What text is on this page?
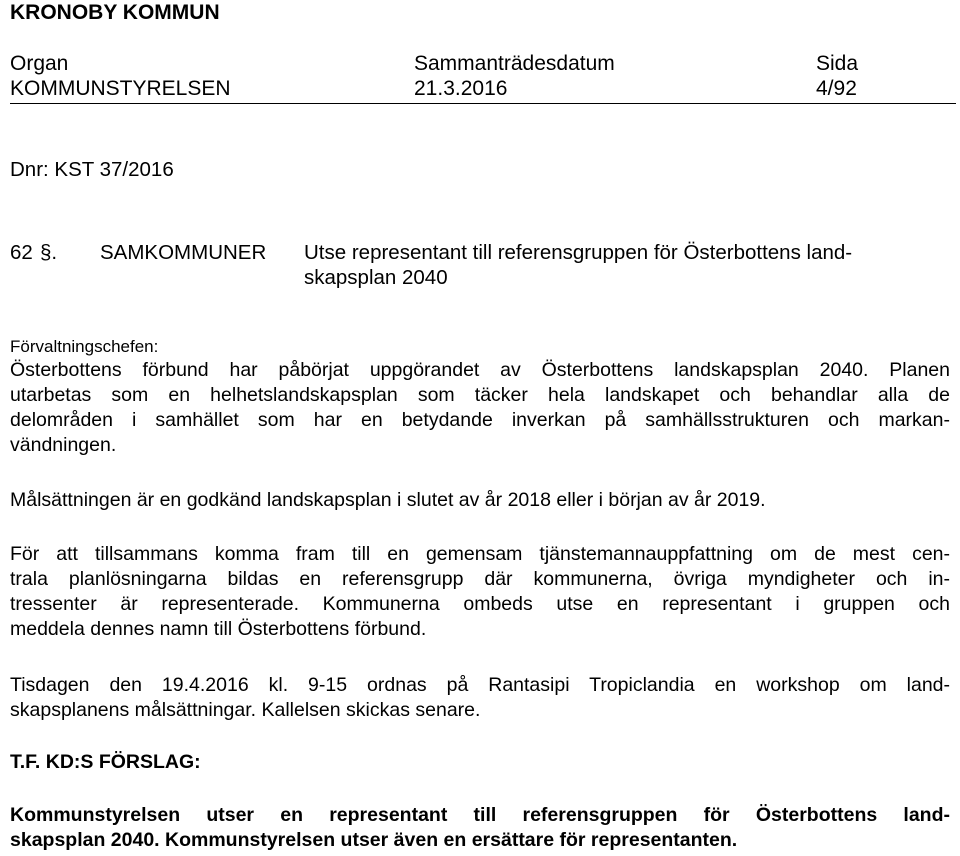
KRONOBY KOMMUN
Organ
KOMMUNSTYRELSEN
Sammanträdesdatum
21.3.2016
Sida
4/92
Dnr: KST 37/2016
62 §. SAMKOMMUNER Utse representant till referensgruppen för Österbottens land-
skapsplan 2040
Förvaltningschefen:
Österbottens förbund har påbörjat uppgörandet av Österbottens landskapsplan 2040. Planen
utarbetas som en helhetslandskapsplan som täcker hela landskapet och behandlar alla de
delområden i samhället som har en betydande inverkan på samhällsstrukturen och markan-
vändningen.
Målsättningen är en godkänd landskapsplan i slutet av år 2018 eller i början av år 2019.
För att tillsammans komma fram till en gemensam tjänstemannauppfattning om de mest cen-
trala planlösningarna bildas en referensgrupp där kommunerna, övriga myndigheter och in-
tressenter är representerade. Kommunerna ombeds utse en representant i gruppen och
meddela dennes namn till Österbottens förbund.
Tisdagen den 19.4.2016 kl. 9-15 ordnas på Rantasipi Tropiclandia en workshop om land-
skapsplanens målsättningar. Kallelsen skickas senare.
T.F. KD:S FÖRSLAG:
Kommunstyrelsen utser en representant till referensgruppen för Österbottens land-
skapsplan 2040. Kommunstyrelsen utser även en ersättare för representanten.
